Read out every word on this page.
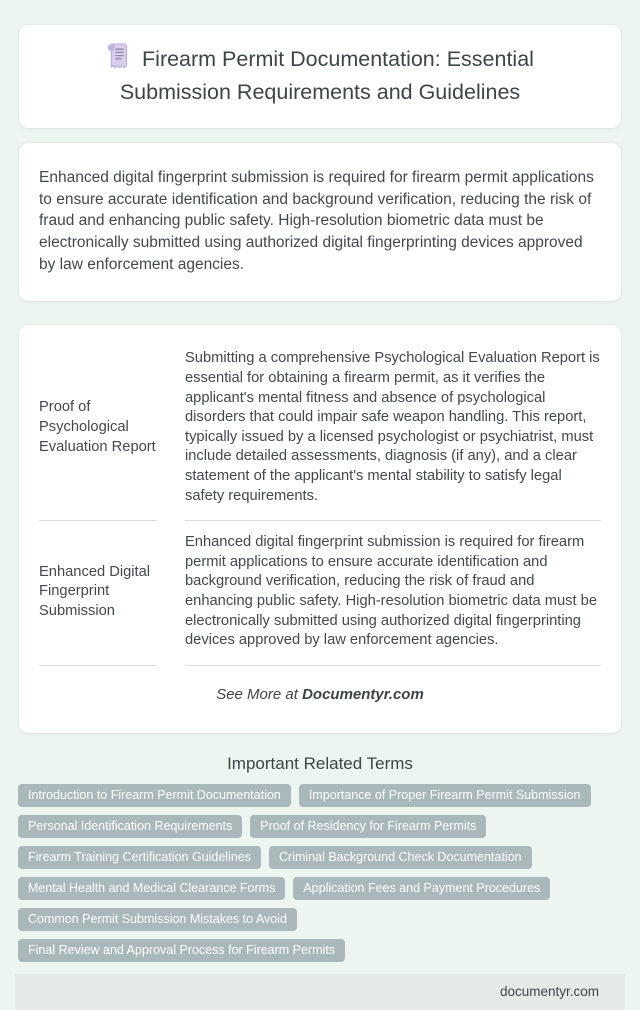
Firearm Permit Documentation: Essential Submission Requirements and Guidelines

Enhanced digital fingerprint submission is required for firearm permit applications to ensure accurate identification and background verification, reducing the risk of fraud and enhancing public safety. High-resolution biometric data must be electronically submitted using authorized digital fingerprinting devices approved by law enforcement agencies.

Proof of Psychological Evaluation Report
Submitting a comprehensive Psychological Evaluation Report is essential for obtaining a firearm permit, as it verifies the applicant's mental fitness and absence of psychological disorders that could impair safe weapon handling. This report, typically issued by a licensed psychologist or psychiatrist, must include detailed assessments, diagnosis (if any), and a clear statement of the applicant's mental stability to satisfy legal safety requirements.
Enhanced Digital Fingerprint Submission
Enhanced digital fingerprint submission is required for firearm permit applications to ensure accurate identification and background verification, reducing the risk of fraud and enhancing public safety. High-resolution biometric data must be electronically submitted using authorized digital fingerprinting devices approved by law enforcement agencies.
See More at Documentyr.com
Important Related Terms
Introduction to Firearm Permit Documentation	Importance of Proper Firearm Permit Submission
Personal Identification Requirements	Proof of Residency for Firearm Permits
Firearm Training Certification Guidelines	Criminal Background Check Documentation
Mental Health and Medical Clearance Forms	Application Fees and Payment Procedures
Common Permit Submission Mistakes to Avoid
Final Review and Approval Process for Firearm Permits
documentyr.com
